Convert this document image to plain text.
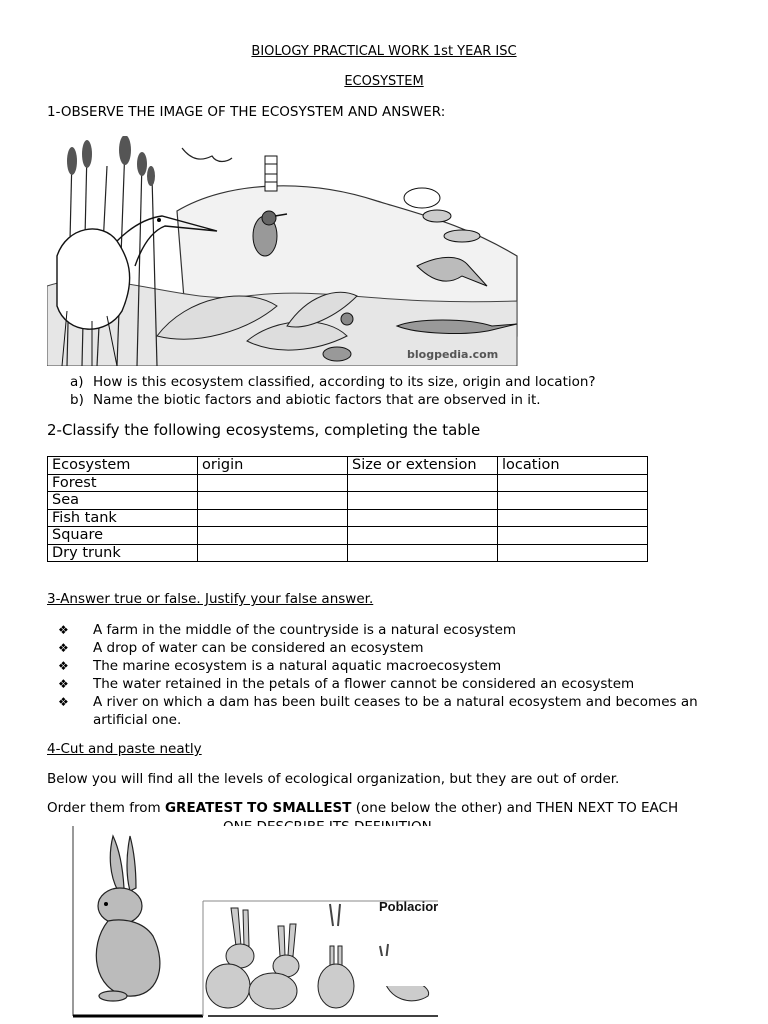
BIOLOGY PRACTICAL WORK 1st YEAR ISC
ECOSYSTEM
1-OBSERVE THE IMAGE OF THE ECOSYSTEM AND ANSWER:
blogpedia.com
a) How is this ecosystem classified, according to its size, origin and location?
b) Name the biotic factors and abiotic factors that are observed in it.
2-Classify the following ecosystems, completing the table
Ecosystem	origin	Size or extension	location
Forest			
Sea			
Fish tank			
Square			
Dry trunk			
3-Answer true or false. Justify your false answer.
❖ A farm in the middle of the countryside is a natural ecosystem
❖ A drop of water can be considered an ecosystem
❖ The marine ecosystem is a natural aquatic macroecosystem
❖ The water retained in the petals of a flower cannot be considered an ecosystem
❖ A river on which a dam has been built ceases to be a natural ecosystem and becomes an artificial one.
4-Cut and paste neatly
Below you will find all the levels of ecological organization, but they are out of order.
Order them from GREATEST TO SMALLEST (one below the other) and THEN NEXT TO EACH
Poblacior
